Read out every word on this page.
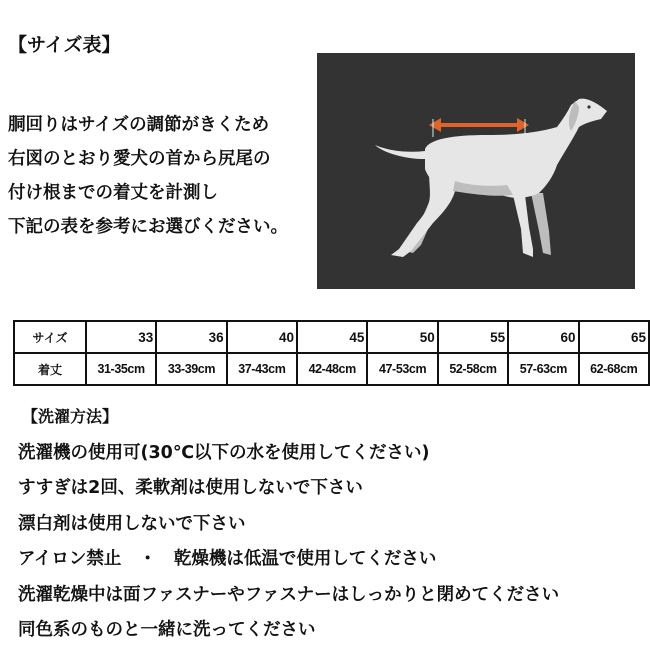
【サイズ表】
胴回りはサイズの調節がきくため
右図のとおり愛犬の首から尻尾の
付け根までの着丈を計測し
下記の表を参考にお選びください。
サイズ	33	36	40	45	50	55	60	65
着丈	31-35cm	33-39cm	37-43cm	42-48cm	47-53cm	52-58cm	57-63cm	62-68cm
【洗濯方法】
洗濯機の使用可(30℃以下の水を使用してください)
すすぎは2回、柔軟剤は使用しないで下さい
漂白剤は使用しないで下さい
アイロン禁止　・　乾燥機は低温で使用してください
洗濯乾燥中は面ファスナーやファスナーはしっかりと閉めてください
同色系のものと一緒に洗ってください
